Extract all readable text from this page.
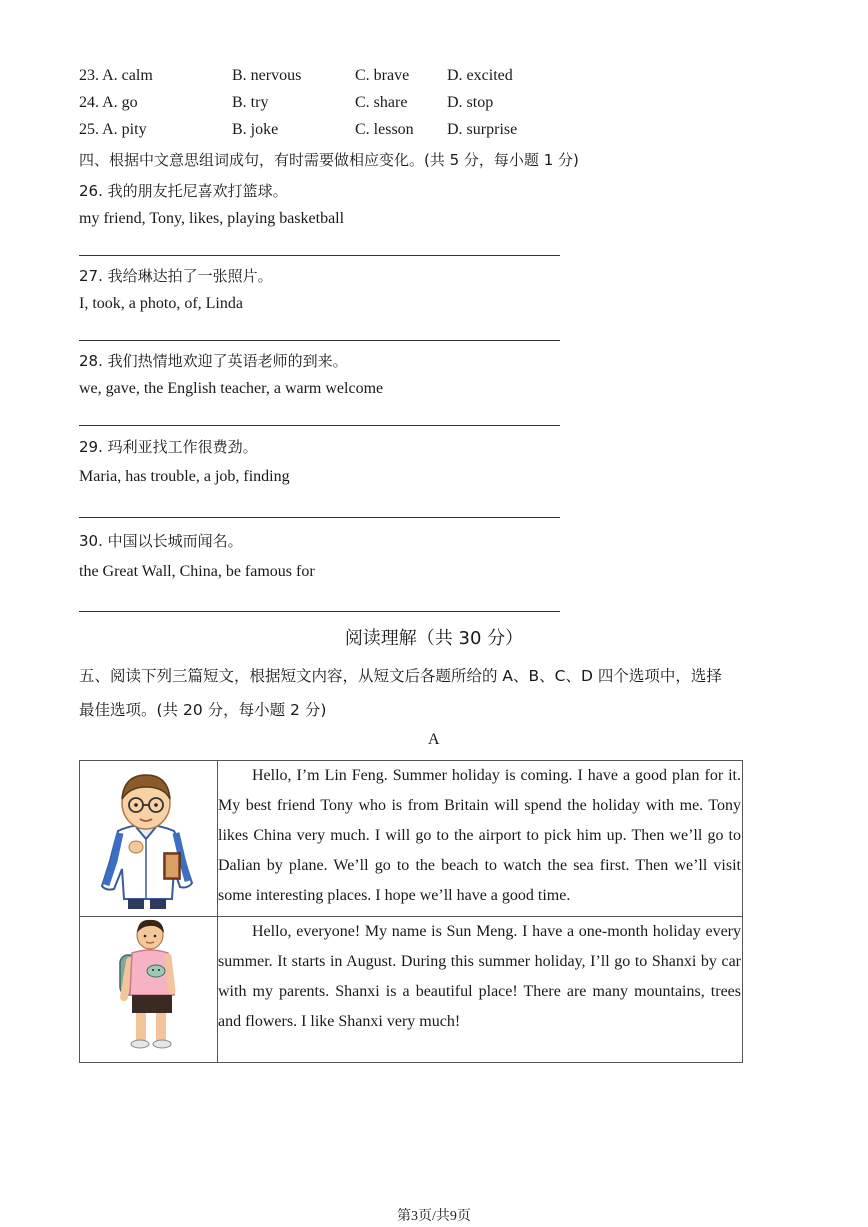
23. A. calm	B. nervous	C. brave D. excited
24. A. go	B. try	C. share D. stop
25. A. pity	B. joke	C. lesson D. surprise
四、根据中文意思组词成句，有时需要做相应变化。(共 5 分，每小题 1 分)
26. 我的朋友托尼喜欢打篮球。
my friend, Tony, likes, playing basketball
27. 我给琳达拍了一张照片。
I, took, a photo, of, Linda
28. 我们热情地欢迎了英语老师的到来。
we, gave, the English teacher, a warm welcome
29. 玛利亚找工作很费劲。
Maria, has trouble, a job, finding
30. 中国以长城而闻名。
the Great Wall, China, be famous for
阅读理解（共 30 分）
五、阅读下列三篇短文，根据短文内容，从短文后各题所给的 A、B、C、D 四个选项中，选择
最佳选项。(共 20 分，每小题 2 分)
A

Hello, I’m Lin Feng. Summer holiday is coming. I have a good plan for it. My best friend Tony who is from Britain will spend the holiday with me. Tony likes China very much. I will go to the airport to pick him up. Then we’ll go to Dalian by plane. We’ll go to the beach to watch the sea first. Then we’ll visit some interesting places. I hope we’ll have a good time.

Hello, everyone! My name is Sun Meng. I have a one-month holiday every summer. It starts in August. During this summer holiday, I’ll go to Shanxi by car with my parents. Shanxi is a beautiful place! There are many mountains, trees and flowers. I like Shanxi very much!

第3页/共9页
